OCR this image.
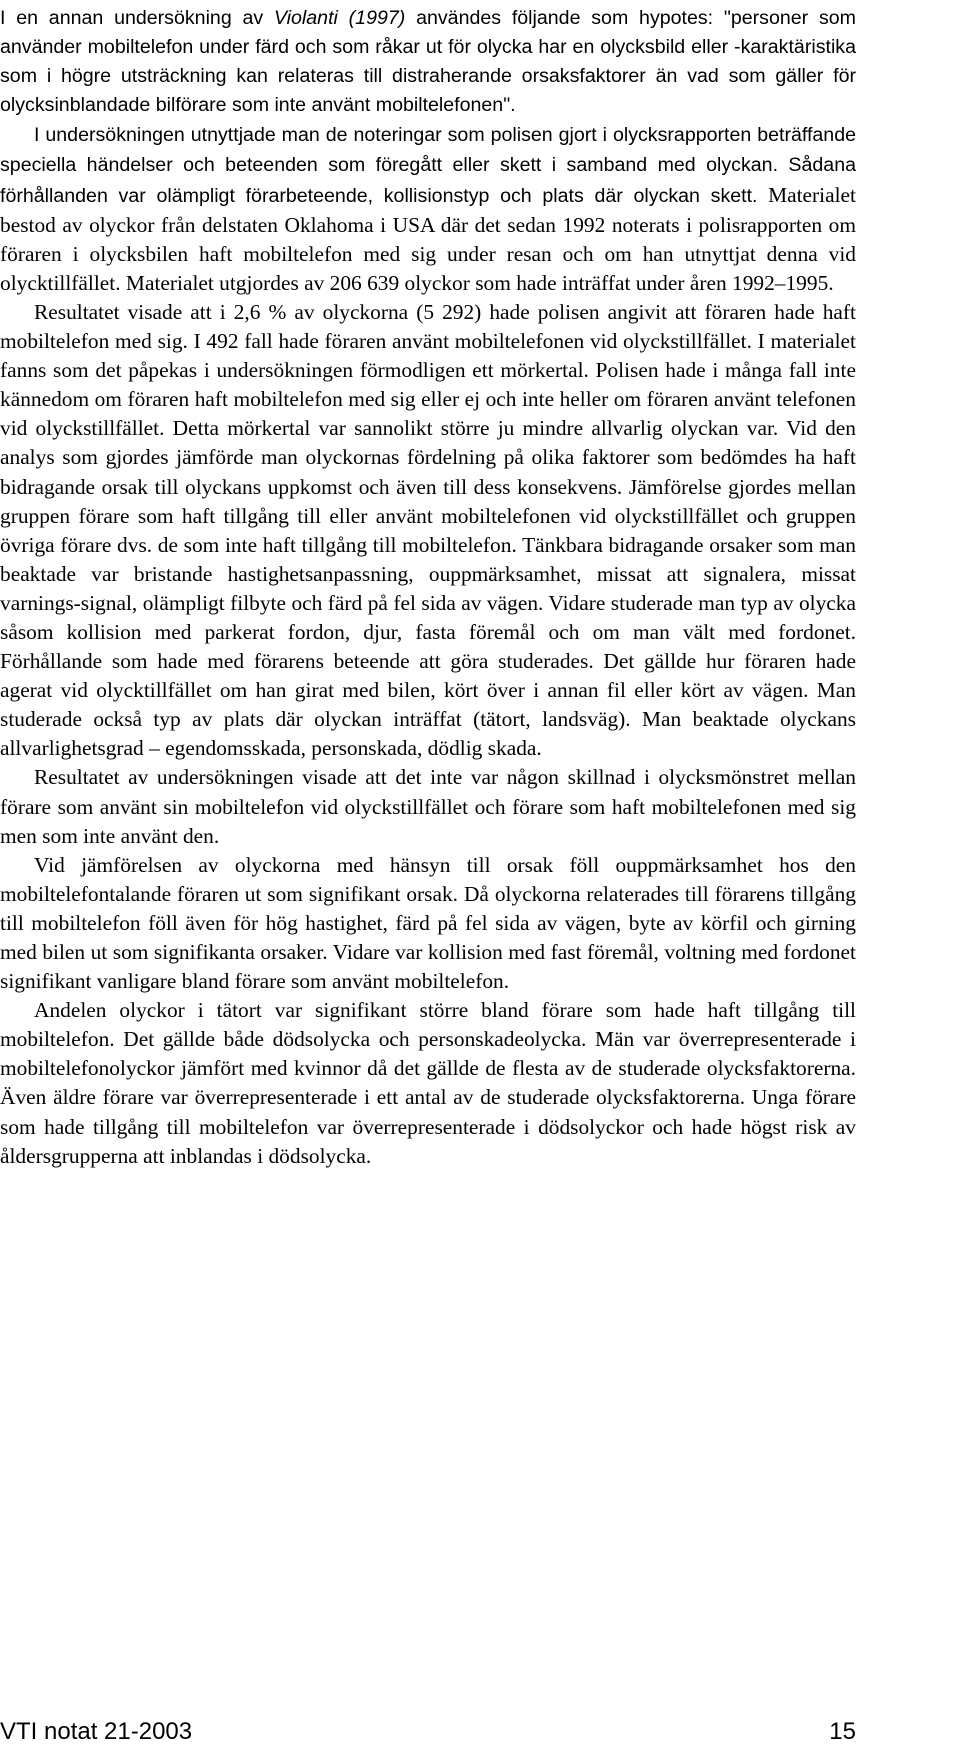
I en annan undersökning av Violanti (1997) användes följande som hypotes: "personer som använder mobiltelefon under färd och som råkar ut för olycka har en olycksbild eller -karaktäristika som i högre utsträckning kan relateras till distraherande orsaksfaktorer än vad som gäller för olycksinblandade bilförare som inte använt mobiltelefonen".

I undersökningen utnyttjade man de noteringar som polisen gjort i olycksrapporten beträffande speciella händelser och beteenden som föregått eller skett i samband med olyckan. Sådana förhållanden var olämpligt förarbeteende, kollisionstyp och plats där olyckan skett. Materialet bestod av olyckor från delstaten Oklahoma i USA där det sedan 1992 noterats i polisrapporten om föraren i olycksbilen haft mobiltelefon med sig under resan och om han utnyttjat denna vid olycktillfället. Materialet utgjordes av 206 639 olyckor som hade inträffat under åren 1992–1995.

Resultatet visade att i 2,6 % av olyckorna (5 292) hade polisen angivit att föraren hade haft mobiltelefon med sig. I 492 fall hade föraren använt mobiltelefonen vid olyckstillfället. I materialet fanns som det påpekas i undersökningen förmodligen ett mörkertal. Polisen hade i många fall inte kännedom om föraren haft mobiltelefon med sig eller ej och inte heller om föraren använt telefonen vid olyckstillfället. Detta mörkertal var sannolikt större ju mindre allvarlig olyckan var. Vid den analys som gjordes jämförde man olyckornas fördelning på olika faktorer som bedömdes ha haft bidragande orsak till olyckans uppkomst och även till dess konsekvens. Jämförelse gjordes mellan gruppen förare som haft tillgång till eller använt mobiltelefonen vid olyckstillfället och gruppen övriga förare dvs. de som inte haft tillgång till mobiltelefon. Tänkbara bidragande orsaker som man beaktade var bristande hastighetsanpassning, ouppmärksamhet, missat att signalera, missat varnings-signal, olämpligt filbyte och färd på fel sida av vägen. Vidare studerade man typ av olycka såsom kollision med parkerat fordon, djur, fasta föremål och om man vält med fordonet. Förhållande som hade med förarens beteende att göra studerades. Det gällde hur föraren hade agerat vid olycktillfället om han girat med bilen, kört över i annan fil eller kört av vägen. Man studerade också typ av plats där olyckan inträffat (tätort, landsväg). Man beaktade olyckans allvarlighetsgrad – egendomsskada, personskada, dödlig skada.

Resultatet av undersökningen visade att det inte var någon skillnad i olycksmönstret mellan förare som använt sin mobiltelefon vid olyckstillfället och förare som haft mobiltelefonen med sig men som inte använt den.

Vid jämförelsen av olyckorna med hänsyn till orsak föll ouppmärksamhet hos den mobiltelefontalande föraren ut som signifikant orsak. Då olyckorna relaterades till förarens tillgång till mobiltelefon föll även för hög hastighet, färd på fel sida av vägen, byte av körfil och girning med bilen ut som signifikanta orsaker. Vidare var kollision med fast föremål, voltning med fordonet signifikant vanligare bland förare som använt mobiltelefon.

Andelen olyckor i tätort var signifikant större bland förare som hade haft tillgång till mobiltelefon. Det gällde både dödsolycka och personskadeolycka. Män var överrepresenterade i mobiltelefonolyckor jämfört med kvinnor då det gällde de flesta av de studerade olycksfaktorerna. Även äldre förare var överrepresenterade i ett antal av de studerade olycksfaktorerna. Unga förare som hade tillgång till mobiltelefon var överrepresenterade i dödsolyckor och hade högst risk av åldersgrupperna att inblandas i dödsolycka.

VTI notat 21-2003	15
